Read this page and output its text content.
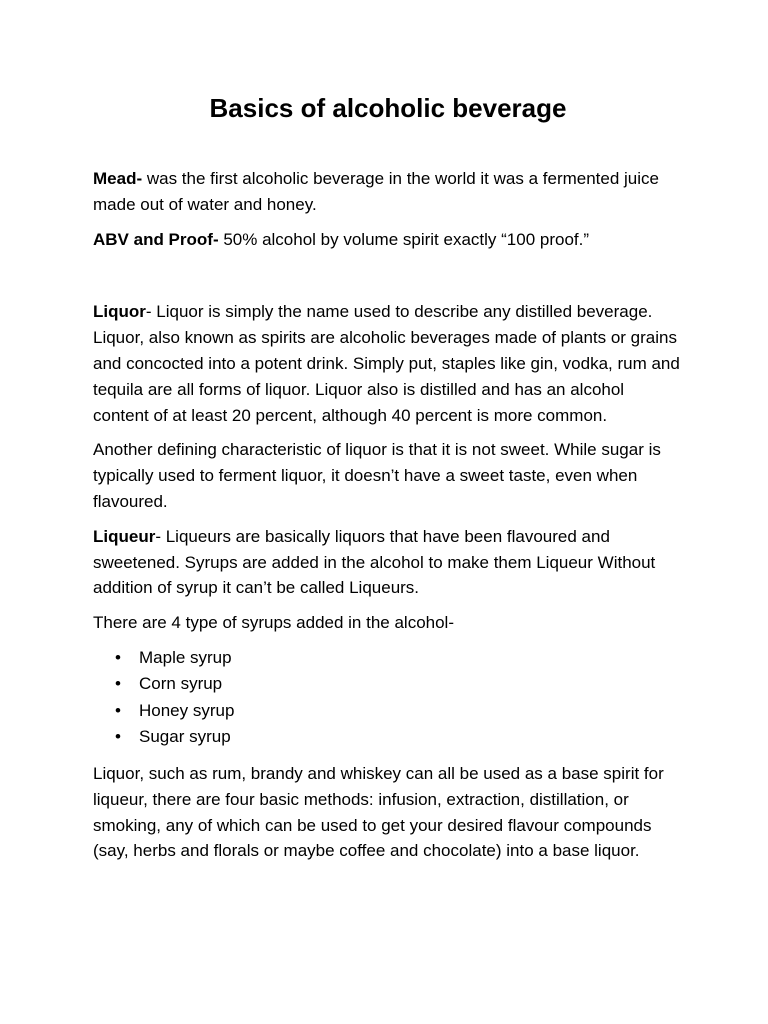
Basics of alcoholic beverage

Mead- was the first alcoholic beverage in the world it was a fermented juice made out of water and honey.

ABV and Proof- 50% alcohol by volume spirit exactly “100 proof.”

Liquor- Liquor is simply the name used to describe any distilled beverage. Liquor, also known as spirits are alcoholic beverages made of plants or grains and concocted into a potent drink. Simply put, staples like gin, vodka, rum and tequila are all forms of liquor. Liquor also is distilled and has an alcohol content of at least 20 percent, although 40 percent is more common.

Another defining characteristic of liquor is that it is not sweet. While sugar is typically used to ferment liquor, it doesn’t have a sweet taste, even when flavoured.

Liqueur- Liqueurs are basically liquors that have been flavoured and sweetened. Syrups are added in the alcohol to make them Liqueur Without addition of syrup it can’t be called Liqueurs.

There are 4 type of syrups added in the alcohol-

• Maple syrup
• Corn syrup
• Honey syrup
• Sugar syrup

Liquor, such as rum, brandy and whiskey can all be used as a base spirit for liqueur, there are four basic methods: infusion, extraction, distillation, or smoking, any of which can be used to get your desired flavour compounds (say, herbs and florals or maybe coffee and chocolate) into a base liquor.
